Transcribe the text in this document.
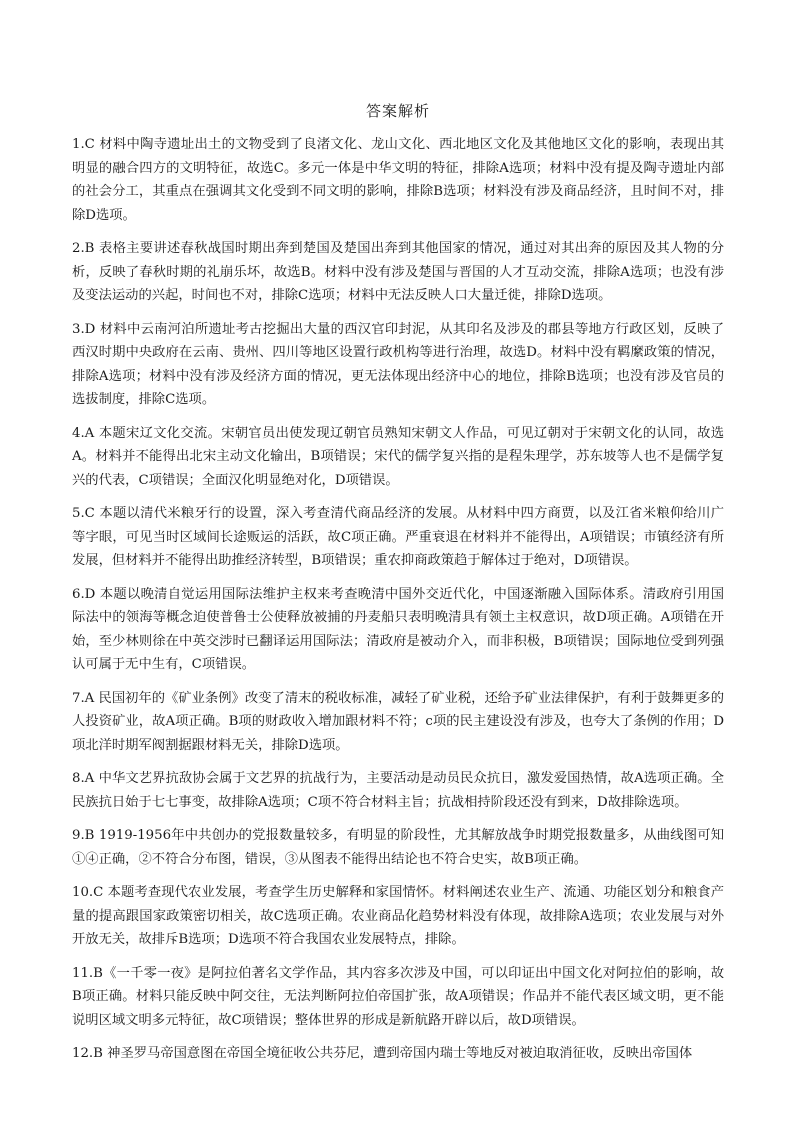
答案解析

1.C 材料中陶寺遗址出土的文物受到了良渚文化、龙山文化、西北地区文化及其他地区文化的影响，表现出其明显的融合四方的文明特征，故选C。多元一体是中华文明的特征，排除A选项；材料中没有提及陶寺遗址内部的社会分工，其重点在强调其文化受到不同文明的影响，排除B选项；材料没有涉及商品经济，且时间不对，排除D选项。

2.B 表格主要讲述春秋战国时期出奔到楚国及楚国出奔到其他国家的情况，通过对其出奔的原因及其人物的分析，反映了春秋时期的礼崩乐坏，故选B。材料中没有涉及楚国与晋国的人才互动交流，排除A选项；也没有涉及变法运动的兴起，时间也不对，排除C选项；材料中无法反映人口大量迁徙，排除D选项。

3.D 材料中云南河泊所遗址考古挖掘出大量的西汉官印封泥，从其印名及涉及的郡县等地方行政区划，反映了西汉时期中央政府在云南、贵州、四川等地区设置行政机构等进行治理，故选D。材料中没有羁縻政策的情况，排除A选项；材料中没有涉及经济方面的情况，更无法体现出经济中心的地位，排除B选项；也没有涉及官员的选拔制度，排除C选项。

4.A 本题宋辽文化交流。宋朝官员出使发现辽朝官员熟知宋朝文人作品，可见辽朝对于宋朝文化的认同，故选A。材料并不能得出北宋主动文化输出，B项错误；宋代的儒学复兴指的是程朱理学，苏东坡等人也不是儒学复兴的代表，C项错误；全面汉化明显绝对化，D项错误。

5.C 本题以清代米粮牙行的设置，深入考查清代商品经济的发展。从材料中四方商贾，以及江省米粮仰给川广等字眼，可见当时区域间长途贩运的活跃，故C项正确。严重衰退在材料并不能得出，A项错误；市镇经济有所发展，但材料并不能得出助推经济转型，B项错误；重农抑商政策趋于解体过于绝对，D项错误。

6.D 本题以晚清自觉运用国际法维护主权来考查晚清中国外交近代化，中国逐渐融入国际体系。清政府引用国际法中的领海等概念迫使普鲁士公使释放被捕的丹麦船只表明晚清具有领土主权意识，故D项正确。A项错在开始，至少林则徐在中英交涉时已翻译运用国际法；清政府是被动介入，而非积极，B项错误；国际地位受到列强认可属于无中生有，C项错误。

7.A 民国初年的《矿业条例》改变了清末的税收标准，减轻了矿业税，还给予矿业法律保护，有利于鼓舞更多的人投资矿业，故A项正确。B项的财政收入增加跟材料不符；c项的民主建设没有涉及，也夸大了条例的作用；D项北洋时期军阀割据跟材料无关，排除D选项。

8.A 中华文艺界抗敌协会属于文艺界的抗战行为，主要活动是动员民众抗日，激发爱国热情，故A选项正确。全民族抗日始于七七事变，故排除A选项；C项不符合材料主旨；抗战相持阶段还没有到来，D故排除选项。

9.B 1919-1956年中共创办的党报数量较多，有明显的阶段性，尤其解放战争时期党报数量多，从曲线图可知①④正确，②不符合分布图，错误，③从图表不能得出结论也不符合史实，故B项正确。

10.C 本题考查现代农业发展，考查学生历史解释和家国情怀。材料阐述农业生产、流通、功能区划分和粮食产量的提高跟国家政策密切相关，故C选项正确。农业商品化趋势材料没有体现，故排除A选项；农业发展与对外开放无关，故排斥B选项；D选项不符合我国农业发展特点，排除。

11.B《一千零一夜》是阿拉伯著名文学作品，其内容多次涉及中国，可以印证出中国文化对阿拉伯的影响，故B项正确。材料只能反映中阿交往，无法判断阿拉伯帝国扩张，故A项错误；作品并不能代表区域文明，更不能说明区域文明多元特征，故C项错误；整体世界的形成是新航路开辟以后，故D项错误。

12.B 神圣罗马帝国意图在帝国全境征收公共芬尼，遭到帝国内瑞士等地反对被迫取消征收，反映出帝国体
